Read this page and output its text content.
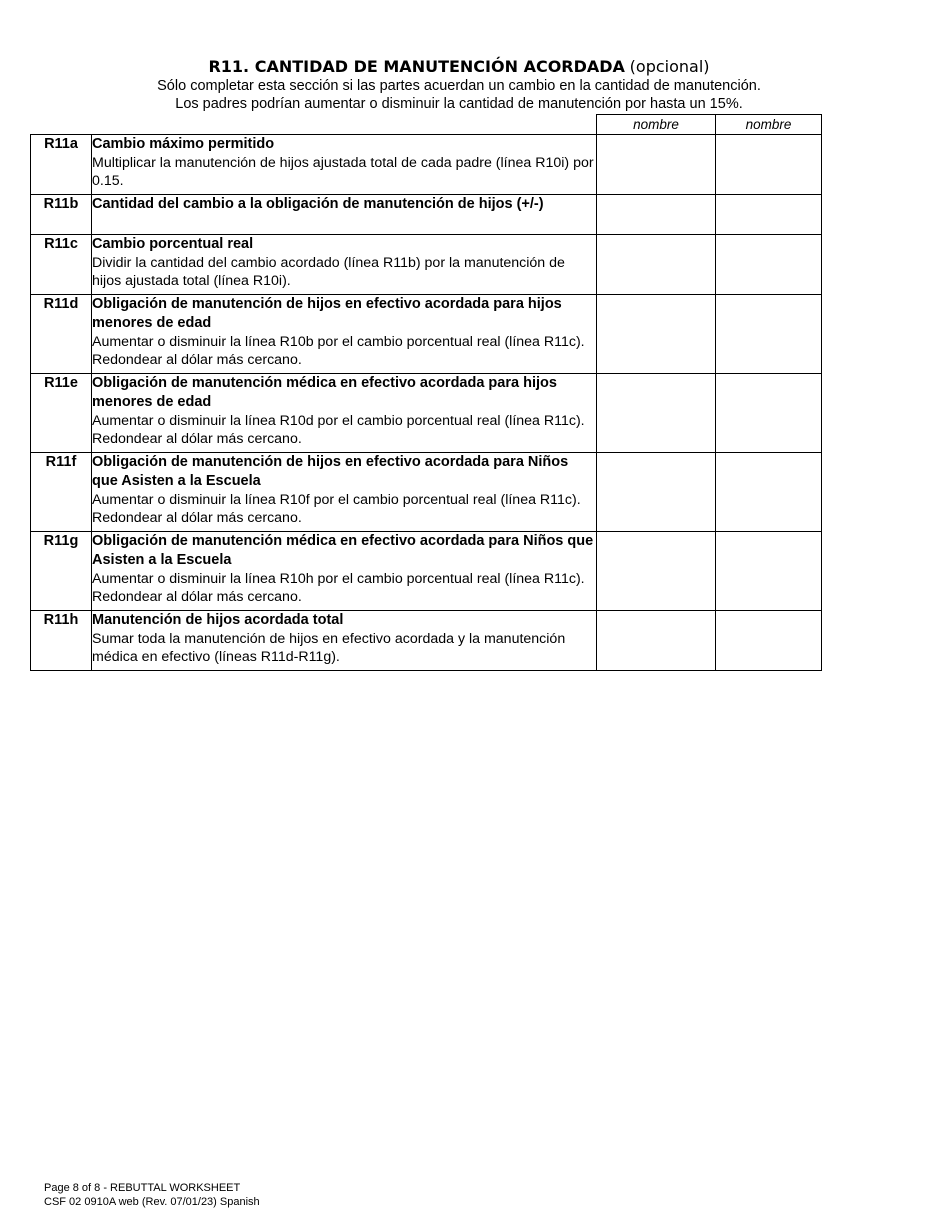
R11. CANTIDAD DE MANUTENCIÓN ACORDADA (opcional)
Sólo completar esta sección si las partes acuerdan un cambio en la cantidad de manutención.
Los padres podrían aumentar o disminuir la cantidad de manutención por hasta un 15%.
		nombre	nombre
R11a	Cambio máximo permitido
Multiplicar la manutención de hijos ajustada total de cada padre (línea R10i) por 0.15.		

R11b	Cantidad del cambio a la obligación de manutención de hijos (+/-)		

R11c	Cambio porcentual real
Dividir la cantidad del cambio acordado (línea R11b) por la manutención de hijos ajustada total (línea R10i).		

R11d	Obligación de manutención de hijos en efectivo acordada para hijos menores de edad
Aumentar o disminuir la línea R10b por el cambio porcentual real (línea R11c). Redondear al dólar más cercano.		

R11e	Obligación de manutención médica en efectivo acordada para hijos menores de edad
Aumentar o disminuir la línea R10d por el cambio porcentual real (línea R11c). Redondear al dólar más cercano.		

R11f	Obligación de manutención de hijos en efectivo acordada para Niños que Asisten a la Escuela
Aumentar o disminuir la línea R10f por el cambio porcentual real (línea R11c). Redondear al dólar más cercano.		

R11g	Obligación de manutención médica en efectivo acordada para Niños que Asisten a la Escuela
Aumentar o disminuir la línea R10h por el cambio porcentual real (línea R11c). Redondear al dólar más cercano.		

R11h	Manutención de hijos acordada total
Sumar toda la manutención de hijos en efectivo acordada y la manutención médica en efectivo (líneas R11d-R11g).		

Page 8 of 8 - REBUTTAL WORKSHEET
CSF 02 0910A web (Rev. 07/01/23) Spanish
